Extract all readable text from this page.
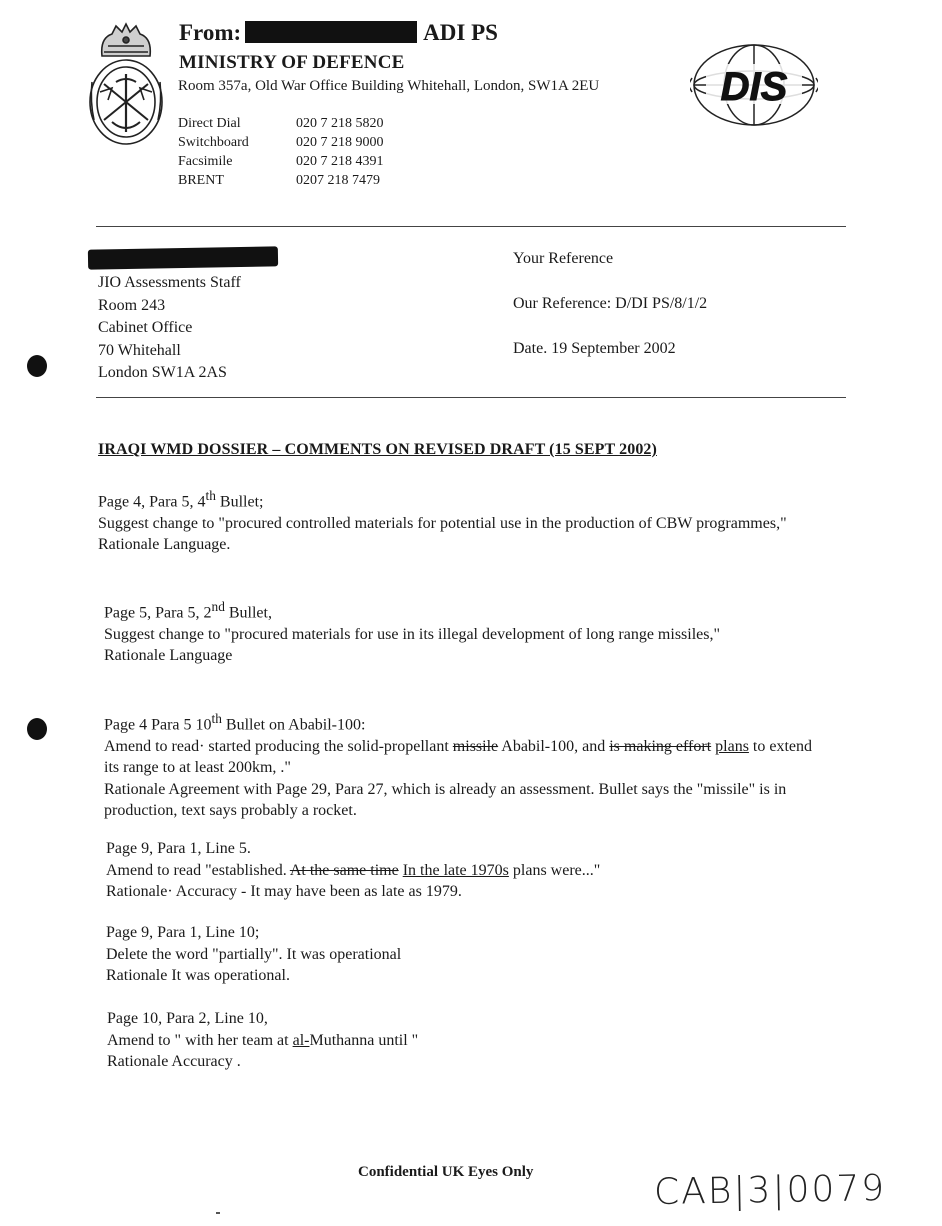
From:	ADI PS
MINISTRY OF DEFENCE
Room 357a, Old War Office Building Whitehall, London, SW1A 2EU	DIS
Direct Dial	020 7 218 5820
Switchboard	020 7 218 9000
Facsimile	020 7 218 4391
BRENT	0207 218 7479
JIO Assessments Staff
Room 243
Cabinet Office
70 Whitehall
London SW1A 2AS
Your Reference
Our Reference: D/DI PS/8/1/2
Date. 19 September 2002
IRAQI WMD DOSSIER – COMMENTS ON REVISED DRAFT (15 SEPT 2002)

Page 4, Para 5, 4th Bullet;

Suggest change to "procured controlled materials for potential use in the production of CBW programmes,"

Rationale Language.

Page 5, Para 5, 2nd Bullet,

Suggest change to "procured materials for use in its illegal development of long range missiles,"

Rationale Language

Page 4 Para 5 10th Bullet on Ababil-100:

Amend to read· started producing the solid-propellant missile Ababil-100, and is making effort plans to extend its range to at least 200km, ."

Rationale Agreement with Page 29, Para 27, which is already an assessment. Bullet says the "missile" is in production, text says probably a rocket.

Page 9, Para 1, Line 5.

Amend to read "established. At the same time In the late 1970s plans were..."

Rationale· Accuracy - It may have been as late as 1979.

Page 9, Para 1, Line 10;

Delete the word "partially". It was operational

Rationale It was operational.

Page 10, Para 2, Line 10,

Amend to " with her team at al-Muthanna until "

Rationale Accuracy .

Confidential UK Eyes Only	CAB|3|0079
